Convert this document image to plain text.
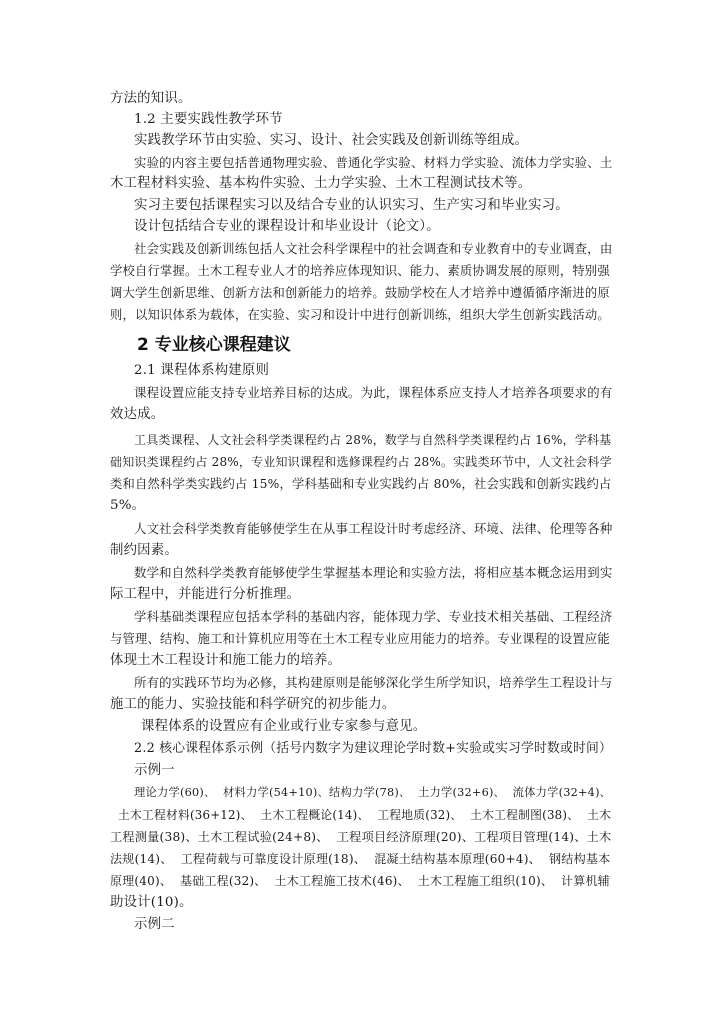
方法的知识。
1.2 主要实践性教学环节
实践教学环节由实验、实习、设计、社会实践及创新训练等组成。
实验的内容主要包括普通物理实验、普通化学实验、材料力学实验、流体力学实验、土
木工程材料实验、基本构件实验、土力学实验、土木工程测试技术等。
实习主要包括课程实习以及结合专业的认识实习、生产实习和毕业实习。
设计包括结合专业的课程设计和毕业设计（论文）。
社会实践及创新训练包括人文社会科学课程中的社会调查和专业教育中的专业调查，由
学校自行掌握。土木工程专业人才的培养应体现知识、能力、素质协调发展的原则，特别强
调大学生创新思维、创新方法和创新能力的培养。鼓励学校在人才培养中遵循循序渐进的原
则，以知识体系为载体，在实验、实习和设计中进行创新训练，组织大学生创新实践活动。
2 专业核心课程建议
2.1 课程体系构建原则
课程设置应能支持专业培养目标的达成。为此，课程体系应支持人才培养各项要求的有
效达成。
工具类课程、人文社会科学类课程约占 28%，数学与自然科学类课程约占 16%，学科基
础知识类课程约占 28%，专业知识课程和选修课程约占 28%。实践类环节中，人文社会科学
类和自然科学类实践约占 15%，学科基础和专业实践约占 80%，社会实践和创新实践约占
5%。
人文社会科学类教育能够使学生在从事工程设计时考虑经济、环境、法律、伦理等各种
制约因素。
数学和自然科学类教育能够使学生掌握基本理论和实验方法，将相应基本概念运用到实
际工程中，并能进行分析推理。
学科基础类课程应包括本学科的基础内容，能体现力学、专业技术相关基础、工程经济
与管理、结构、施工和计算机应用等在土木工程专业应用能力的培养。专业课程的设置应能
体现土木工程设计和施工能力的培养。
所有的实践环节均为必修，其构建原则是能够深化学生所学知识，培养学生工程设计与
施工的能力、实验技能和科学研究的初步能力。
课程体系的设置应有企业或行业专家参与意见。
2.2 核心课程体系示例（括号内数字为建议理论学时数+实验或实习学时数或时间）
示例一
理论力学(60)、  材料力学(54+10)、结构力学(78)、  土力学(32+6)、  流体力学(32+4)、
土木工程材料(36+12)、  土木工程概论(14)、  工程地质(32)、  土木工程制图(38)、  土木
工程测量(38)、土木工程试验(24+8)、  工程项目经济原理(20)、工程项目管理(14)、土木
法规(14)、  工程荷载与可靠度设计原理(18)、  混凝土结构基本原理(60+4)、  钢结构基本
原理(40)、  基础工程(32)、  土木工程施工技术(46)、  土木工程施工组织(10)、  计算机辅
助设计(10)。
示例二
